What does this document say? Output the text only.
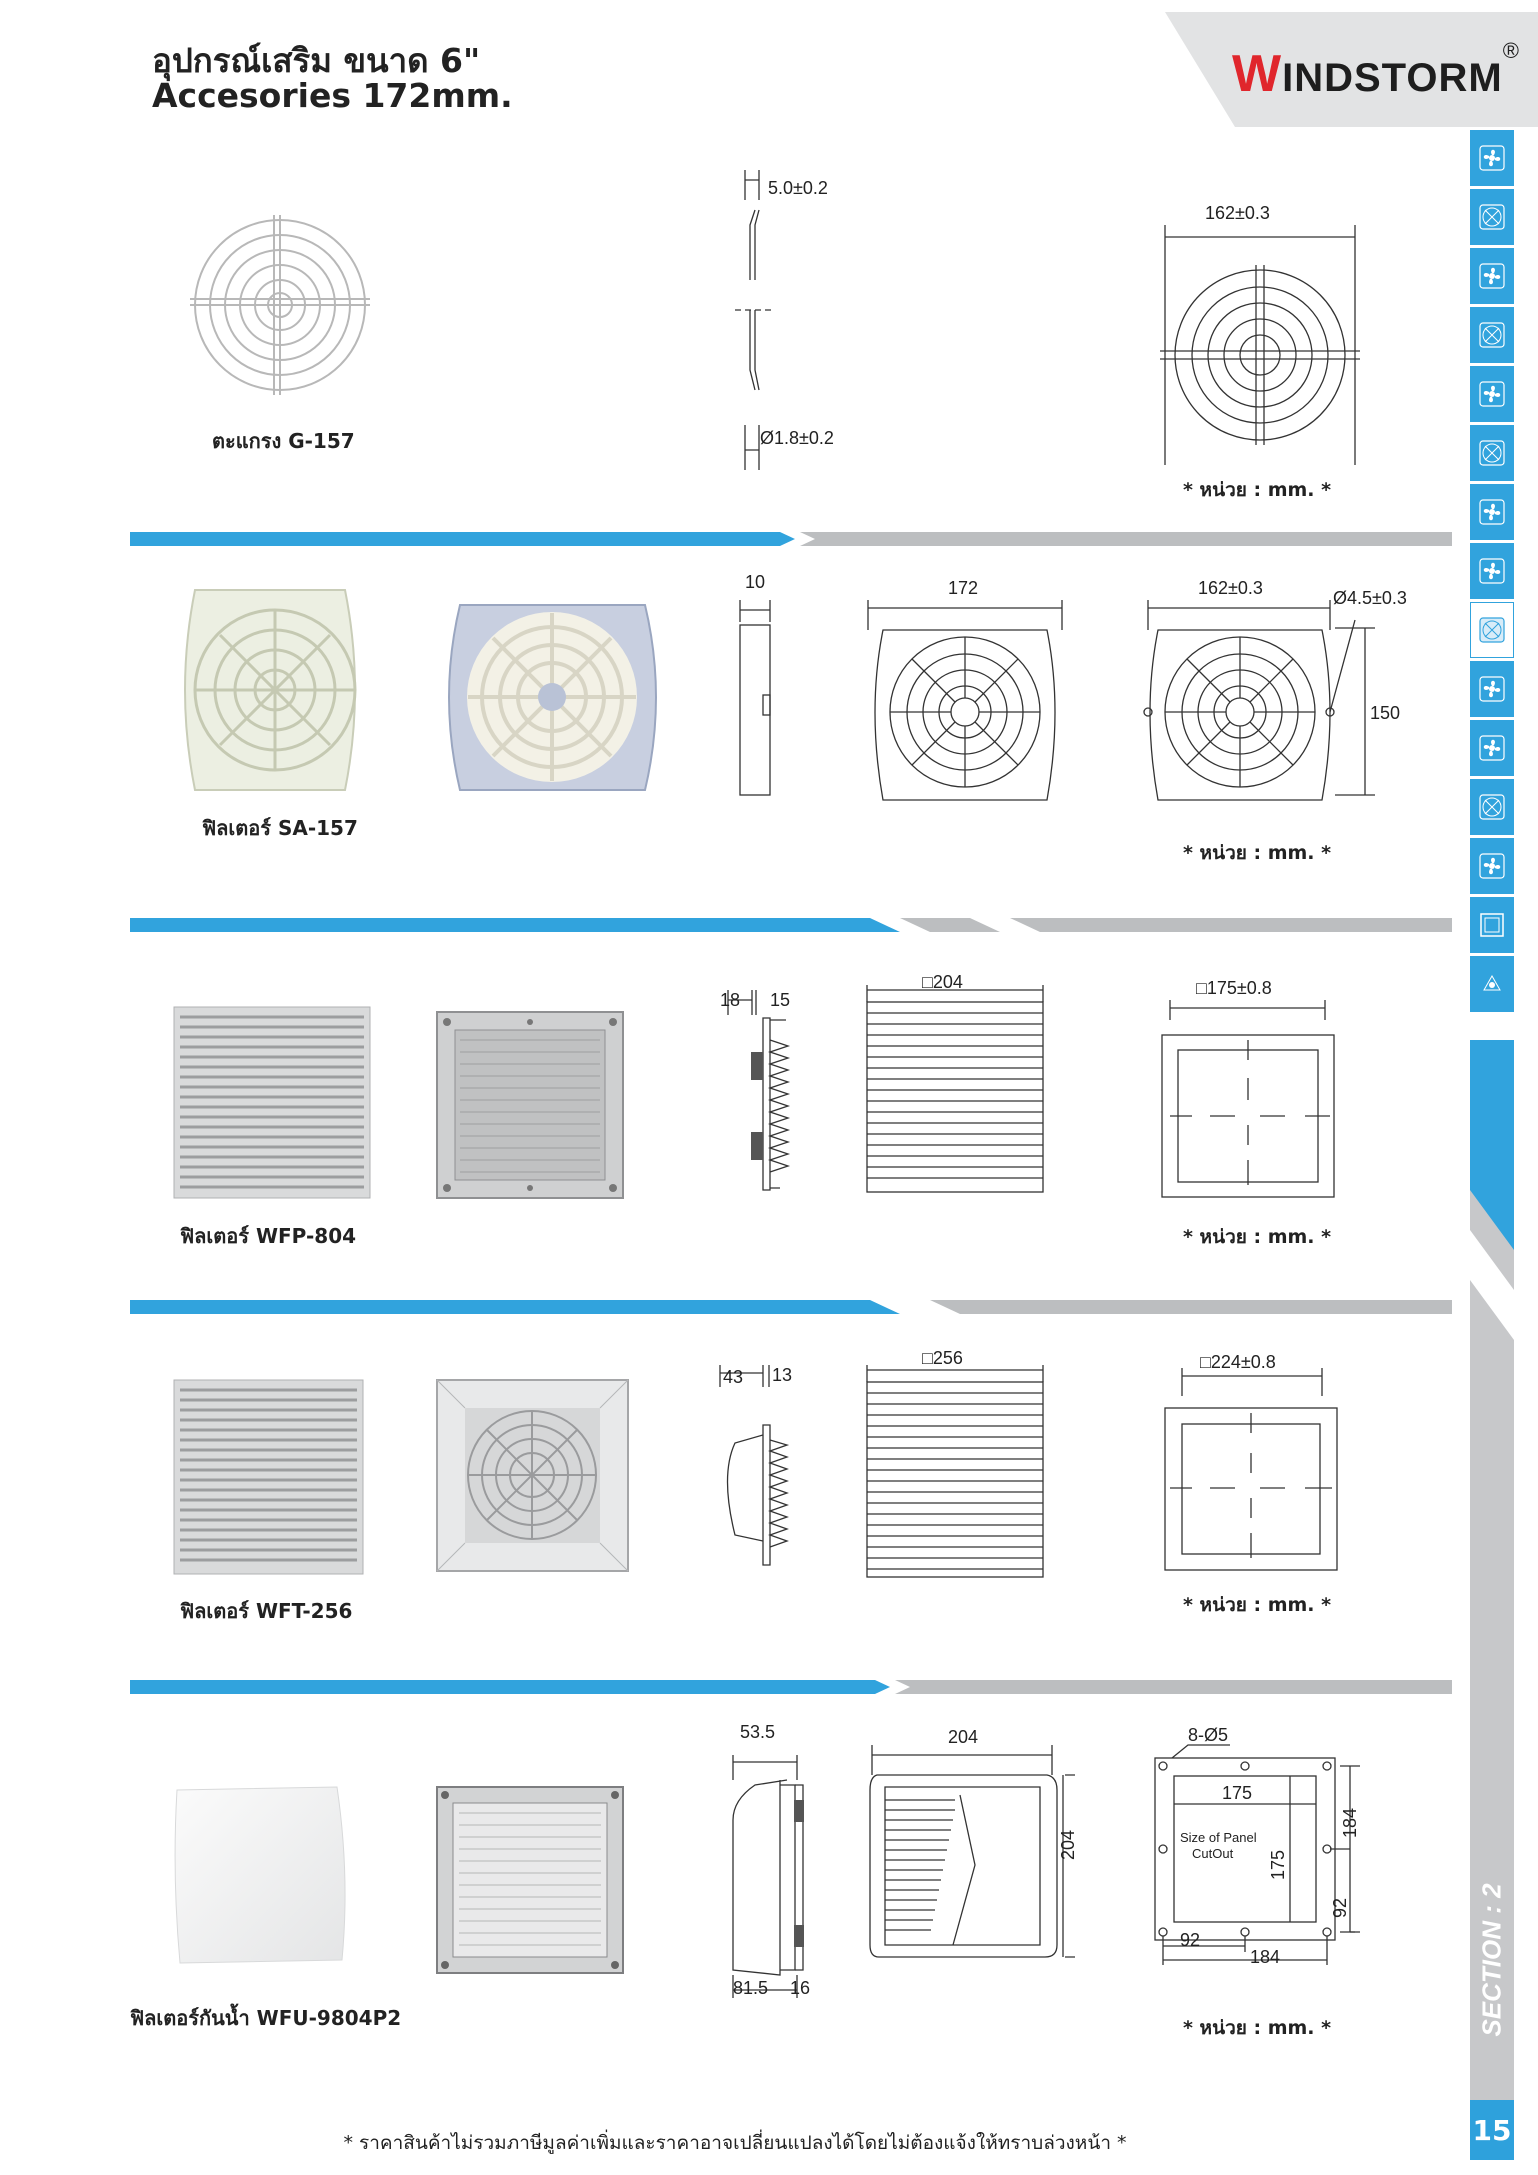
อุปกรณ์เสริม ขนาด 6"
Accesories 172mm.	WINDSTORM®
SECTION : 2
15
ตะแกรง G-157
5.0±0.2
Ø1.8±0.2
162±0.3
* หน่วย : mm. *
ฟิลเตอร์ SA-157
10	172	162±0.3	Ø4.5±0.3
150
* หน่วย : mm. *
ฟิลเตอร์ WFP-804
18 15
□204	□175±0.8
* หน่วย : mm. *
ฟิลเตอร์ WFT-256
43 13
□256	□224±0.8
* หน่วย : mm. *
ฟิลเตอร์กันน้ำ WFU-9804P2
53.5
81.5 16
204
204
8-Ø5
175
175
184
92
92
184
Size of Panel
CutOut
* หน่วย : mm. *
* ราคาสินค้าไม่รวมภาษีมูลค่าเพิ่มและราคาอาจเปลี่ยนแปลงได้โดยไม่ต้องแจ้งให้ทราบล่วงหน้า *
